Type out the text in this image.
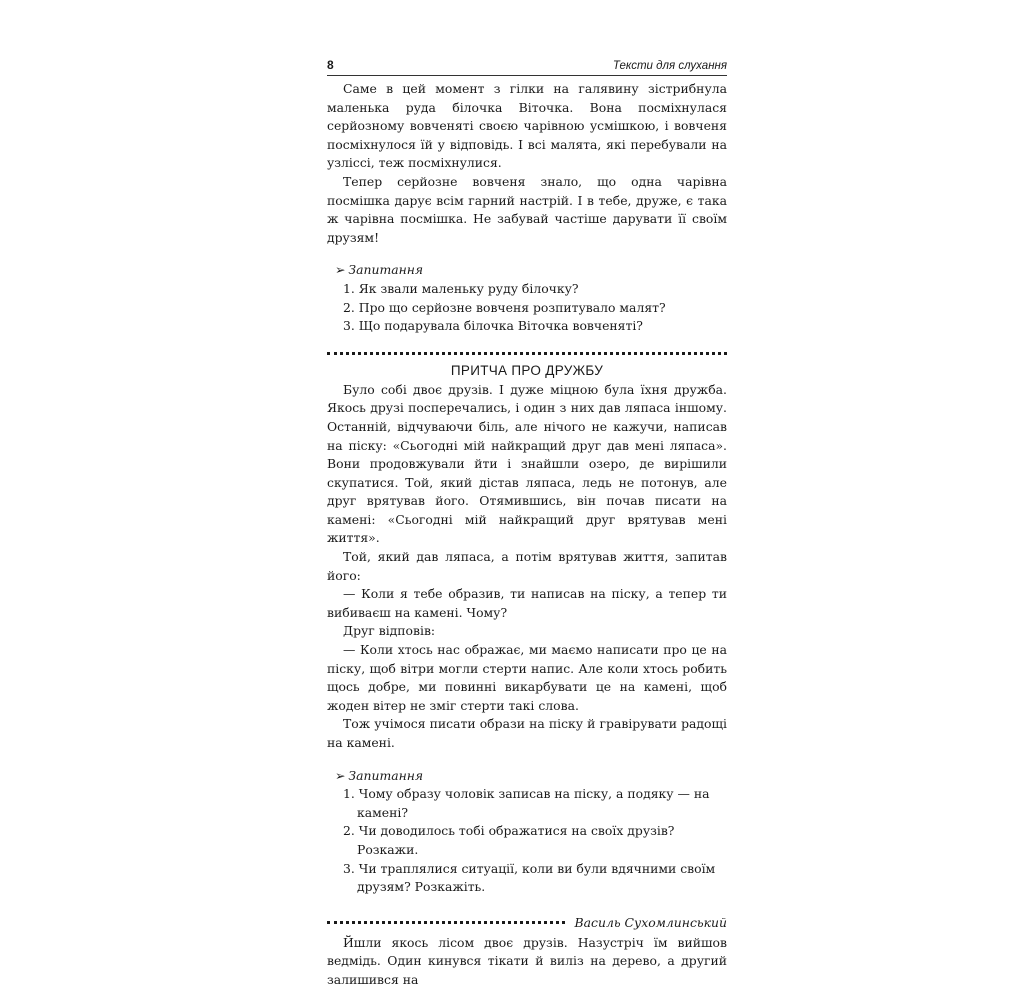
8	Тексти для слухання

Саме в цей момент з гілки на галявину зістрибнула маленька руда білочка Віточка. Вона посміхнулася серйозному вовченяті своєю чарівною усмішкою, і вовченя посміхнулося їй у відповідь. І всі малята, які перебували на узліссі, теж посміхнулися.

Тепер серйозне вовченя знало, що одна чарівна посмішка дарує всім гарний настрій. І в тебе, друже, є така ж чарівна посмішка. Не забувай частіше дарувати її своїм друзям!

➢ Запитання
1. Як звали маленьку руду білочку?
2. Про що серйозне вовченя розпитувало малят?
3. Що подарувала білочка Віточка вовченяті?
ПРИТЧА ПРО ДРУЖБУ

Було собі двоє друзів. І дуже міцною була їхня дружба. Якось друзі посперечались, і один з них дав ляпаса іншому. Останній, відчуваючи біль, але нічого не кажучи, написав на піску: «Сьогодні мій найкращий друг дав мені ляпаса». Вони продовжували йти і знайшли озеро, де вирішили скупатися. Той, який дістав ляпаса, ледь не потонув, але друг врятував його. Отямившись, він почав писати на камені: «Сьогодні мій найкращий друг врятував мені життя».

Той, який дав ляпаса, а потім врятував життя, запитав його:

— Коли я тебе образив, ти написав на піску, а тепер ти вибиваєш на камені. Чому?

Друг відповів:

— Коли хтось нас ображає, ми маємо написати про це на піску, щоб вітри могли стерти напис. Але коли хтось робить щось добре, ми повинні викарбувати це на камені, щоб жоден вітер не зміг стерти такі слова.

Тож учімося писати образи на піску й гравірувати радощі на камені.

➢ Запитання
1. Чому образу чоловік записав на піску, а подяку — на камені?
2. Чи доводилось тобі ображатися на своїх друзів? Розкажи.
3. Чи траплялися ситуації, коли ви були вдячними своїм друзям? Розкажіть.
Василь Сухомлинський

Йшли якось лісом двоє друзів. Назустріч їм вийшов ведмідь. Один кинувся тікати й виліз на дерево, а другий залишився на
